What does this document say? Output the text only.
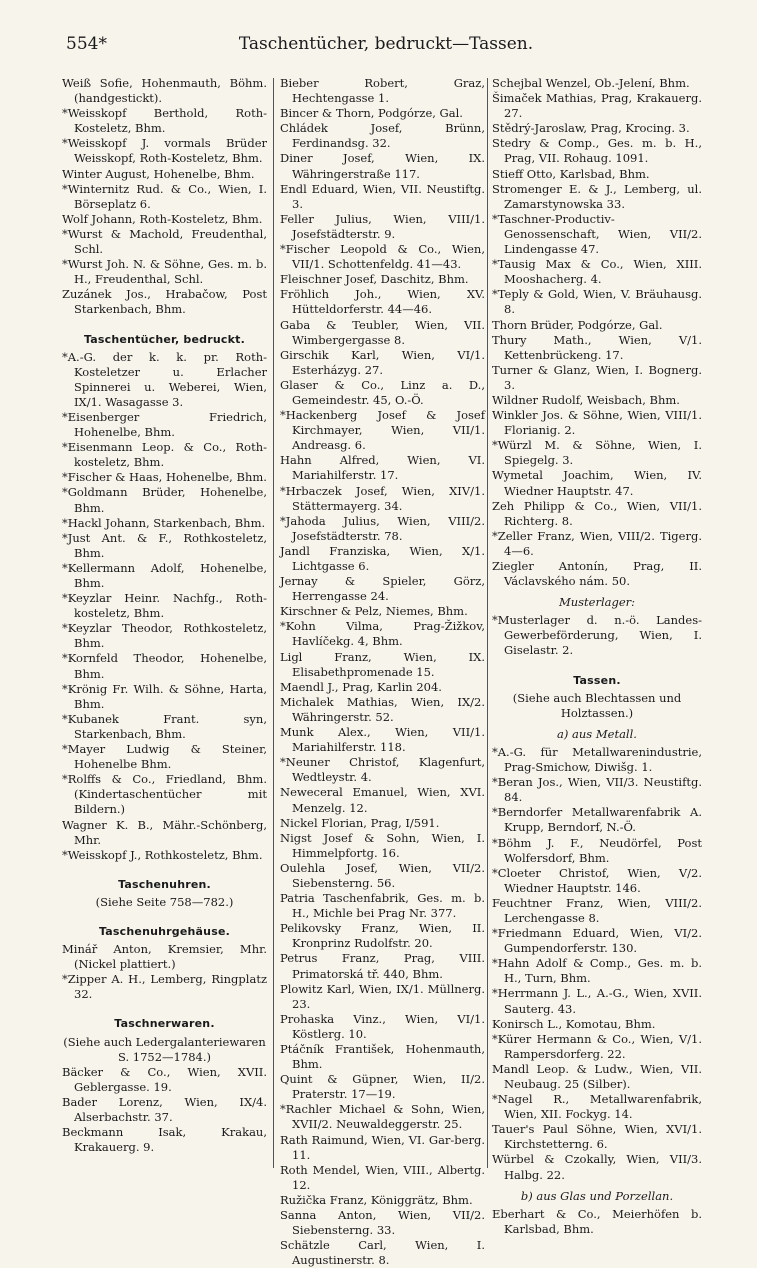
554*	Taschentücher, bedruckt—Tassen.

Weiß Sofie, Hohenmauth, Böhm. (handgestickt).

*Weisskopf Berthold, Roth-Kosteletz, Bhm.

*Weisskopf J. vormals Brüder Weisskopf, Roth-Kosteletz, Bhm.

Winter August, Hohenelbe, Bhm.

*Winternitz Rud. & Co., Wien, I. Börseplatz 6.

Wolf Johann, Roth-Kosteletz, Bhm.

*Wurst & Machold, Freudenthal, Schl.

*Wurst Joh. N. & Söhne, Ges. m. b. H., Freudenthal, Schl.

Zuzánek Jos., Hrabačow, Post Starkenbach, Bhm.

Taschentücher, bedruckt.

*A.-G. der k. k. pr. Roth-Kosteletzer u. Erlacher Spinnerei u. Weberei, Wien, IX/1. Wasagasse 3.

*Eisenberger Friedrich, Hohenelbe, Bhm.

*Eisenmann Leop. & Co., Roth-kosteletz, Bhm.

*Fischer & Haas, Hohenelbe, Bhm.

*Goldmann Brüder, Hohenelbe, Bhm.

*Hackl Johann, Starkenbach, Bhm.

*Just Ant. & F., Rothkosteletz, Bhm.

*Kellermann Adolf, Hohenelbe, Bhm.

*Keyzlar Heinr. Nachfg., Roth-kosteletz, Bhm.

*Keyzlar Theodor, Rothkosteletz, Bhm.

*Kornfeld Theodor, Hohenelbe, Bhm.

*Krönig Fr. Wilh. & Söhne, Harta, Bhm.

*Kubanek Frant. syn, Starkenbach, Bhm.

*Mayer Ludwig & Steiner, Hohenelbe Bhm.

*Rolffs & Co., Friedland, Bhm. (Kindertaschentücher mit Bildern.)

Wagner K. B., Mähr.-Schönberg, Mhr.

*Weisskopf J., Rothkosteletz, Bhm.

Taschenuhren.

(Siehe Seite 758—782.)

Taschenuhrgehäuse.

Minář Anton, Kremsier, Mhr. (Nickel plattiert.)

*Zipper A. H., Lemberg, Ringplatz 32.

Taschnerwaren.

(Siehe auch Ledergalanteriewaren S. 1752—1784.)

Bäcker & Co., Wien, XVII. Geblergasse. 19.

Bader Lorenz, Wien, IX/4. Alserbachstr. 37.

Beckmann Isak, Krakau, Krakauerg. 9.

Bieber Robert, Graz, Hechtengasse 1.

Bincer & Thorn, Podgórze, Gal.

Chládek Josef, Brünn, Ferdinandsg. 32.

Diner Josef, Wien, IX. Währingerstraße 117.

Endl Eduard, Wien, VII. Neustiftg. 3.

Feller Julius, Wien, VIII/1. Josefstädterstr. 9.

*Fischer Leopold & Co., Wien, VII/1. Schottenfeldg. 41—43.

Fleischner Josef, Daschitz, Bhm.

Fröhlich Joh., Wien, XV. Hütteldorferstr. 44—46.

Gaba & Teubler, Wien, VII. Wimbergergasse 8.

Girschik Karl, Wien, VI/1. Esterházyg. 27.

Glaser & Co., Linz a. D., Gemeindestr. 45, O.-Ö.

*Hackenberg Josef & Josef Kirchmayer, Wien, VII/1. Andreasg. 6.

Hahn Alfred, Wien, VI. Mariahilferstr. 17.

*Hrbaczek Josef, Wien, XIV/1. Stättermayerg. 34.

*Jahoda Julius, Wien, VIII/2. Josefstädterstr. 78.

Jandl Franziska, Wien, X/1. Lichtgasse 6.

Jernay & Spieler, Görz, Herrengasse 24.

Kirschner & Pelz, Niemes, Bhm.

*Kohn Vilma, Prag-Žižkov, Havlíčekg. 4, Bhm.

Ligl Franz, Wien, IX. Elisabethpromenade 15.

Maendl J., Prag, Karlin 204.

Michalek Mathias, Wien, IX/2. Währingerstr. 52.

Munk Alex., Wien, VII/1. Mariahilferstr. 118.

*Neuner Christof, Klagenfurt, Wedtleystr. 4.

Neweceral Emanuel, Wien, XVI. Menzelg. 12.

Nickel Florian, Prag, I/591.

Nigst Josef & Sohn, Wien, I. Himmelpfortg. 16.

Oulehla Josef, Wien, VII/2. Siebensterng. 56.

Patria Taschenfabrik, Ges. m. b. H., Michle bei Prag Nr. 377.

Pelikovsky Franz, Wien, II. Kronprinz Rudolfstr. 20.

Petrus Franz, Prag, VIII. Primatorská tř. 440, Bhm.

Plowitz Karl, Wien, IX/1. Müllnerg. 23.

Prohaska Vinz., Wien, VI/1. Köstlerg. 10.

Ptáčník František, Hohenmauth, Bhm.

Quint & Güpner, Wien, II/2. Praterstr. 17—19.

*Rachler Michael & Sohn, Wien, XVII/2. Neuwaldeggerstr. 25.

Rath Raimund, Wien, VI. Gar-berg. 11.

Roth Mendel, Wien, VIII., Albertg. 12.

Ružička Franz, Königgrätz, Bhm.

Sanna Anton, Wien, VII/2. Siebensterng. 33.

Schätzle Carl, Wien, I. Augustinerstr. 8.

Schejbal Wenzel, Ob.-Jelení, Bhm.

Šimaček Mathias, Prag, Krakauerg. 27.

Stědrý-Jaroslaw, Prag, Krocing. 3.

Stedry & Comp., Ges. m. b. H., Prag, VII. Rohaug. 1091.

Stieff Otto, Karlsbad, Bhm.

Stromenger E. & J., Lemberg, ul. Zamarstynowska 33.

*Taschner-Productiv-Genossenschaft, Wien, VII/2. Lindengasse 47.

*Tausig Max & Co., Wien, XIII. Mooshacherg. 4.

*Teply & Gold, Wien, V. Bräuhausg. 8.

Thorn Brüder, Podgórze, Gal.

Thury Math., Wien, V/1. Kettenbrückeng. 17.

Turner & Glanz, Wien, I. Bognerg. 3.

Wildner Rudolf, Weisbach, Bhm.

Winkler Jos. & Söhne, Wien, VIII/1. Florianig. 2.

*Würzl M. & Söhne, Wien, I. Spiegelg. 3.

Wymetal Joachim, Wien, IV. Wiedner Hauptstr. 47.

Zeh Philipp & Co., Wien, VII/1. Richterg. 8.

*Zeller Franz, Wien, VIII/2. Tigerg. 4—6.

Ziegler Antonín, Prag, II. Václavského nám. 50.

Musterlager:

*Musterlager d. n.-ö. Landes-Gewerbeförderung, Wien, I. Giselastr. 2.

Tassen.

(Siehe auch Blechtassen und Holztassen.)

a) aus Metall.

*A.-G. für Metallwarenindustrie, Prag-Smichow, Diwišg. 1.

*Beran Jos., Wien, VII/3. Neustiftg. 84.

*Berndorfer Metallwarenfabrik A. Krupp, Berndorf, N.-Ö.

*Böhm J. F., Neudörfel, Post Wolfersdorf, Bhm.

*Cloeter Christof, Wien, V/2. Wiedner Hauptstr. 146.

Feuchtner Franz, Wien, VIII/2. Lerchengasse 8.

*Friedmann Eduard, Wien, VI/2. Gumpendorferstr. 130.

*Hahn Adolf & Comp., Ges. m. b. H., Turn, Bhm.

*Herrmann J. L., A.-G., Wien, XVII. Sauterg. 43.

Konirsch L., Komotau, Bhm.

*Kürer Hermann & Co., Wien, V/1. Rampersdorferg. 22.

Mandl Leop. & Ludw., Wien, VII. Neubaug. 25 (Silber).

*Nagel R., Metallwarenfabrik, Wien, XII. Fockyg. 14.

Tauer's Paul Söhne, Wien, XVI/1. Kirchstetterng. 6.

Würbel & Czokally, Wien, VII/3. Halbg. 22.

b) aus Glas und Porzellan.

Eberhart & Co., Meierhöfen b. Karlsbad, Bhm.
